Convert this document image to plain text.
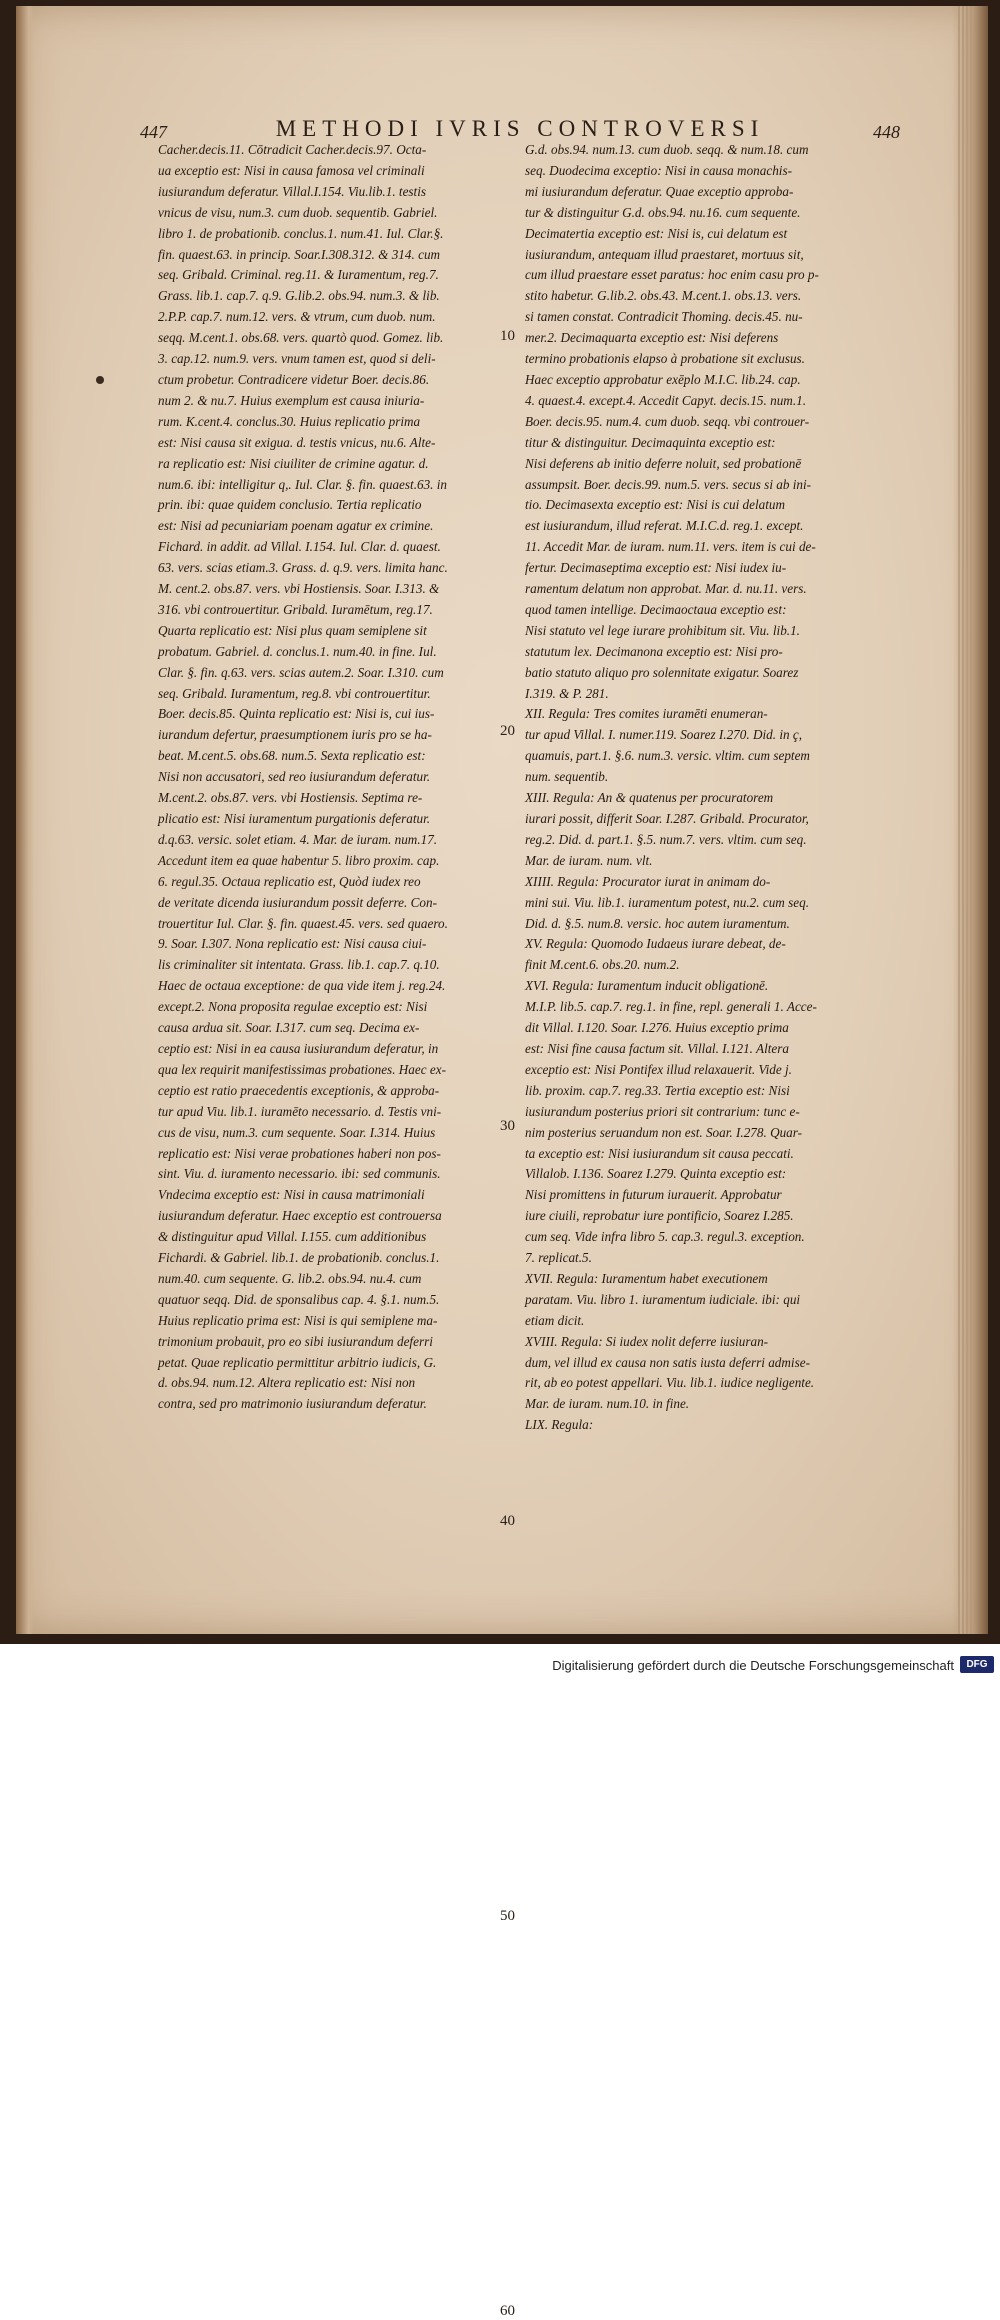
447	METHODI IVRIS CONTROVERSI	448
Cacher.decis.11. Cōtradicit Cacher.decis.97. Octa-
ua exceptio est: Nisi in causa famosa vel criminali
iusiurandum deferatur. Villal.I.154. Viu.lib.1. testis
vnicus de visu, num.3. cum duob. sequentib. Gabriel.
libro 1. de probationib. conclus.1. num.41. Iul. Clar.§.
fin. quaest.63. in princip. Soar.I.308.312. & 314. cum
seq. Gribald. Criminal. reg.11. & Iuramentum, reg.7.
Grass. lib.1. cap.7. q.9. G.lib.2. obs.94. num.3. & lib.
2.P.P. cap.7. num.12. vers. & vtrum, cum duob. num.
seqq. M.cent.1. obs.68. vers. quartò quod. Gomez. lib.
3. cap.12. num.9. vers. vnum tamen est, quod si deli-
ctum probetur. Contradicere videtur Boer. decis.86.
num 2. & nu.7. Huius exemplum est causa iniuria-
rum. K.cent.4. conclus.30. Huius replicatio prima
est: Nisi causa sit exigua. d. testis vnicus, nu.6. Alte-
ra replicatio est: Nisi ciuiliter de crimine agatur. d.
num.6. ibi: intelligitur q,. Iul. Clar. §. fin. quaest.63. in
prin. ibi: quae quidem conclusio. Tertia replicatio
est: Nisi ad pecuniariam poenam agatur ex crimine.
Fichard. in addit. ad Villal. I.154. Iul. Clar. d. quaest.
63. vers. scias etiam.3. Grass. d. q.9. vers. limita hanc.
M. cent.2. obs.87. vers. vbi Hostiensis. Soar. I.313. &
316. vbi controuertitur. Gribald. Iuramētum, reg.17.
Quarta replicatio est: Nisi plus quam semiplene sit
probatum. Gabriel. d. conclus.1. num.40. in fine. Iul.
Clar. §. fin. q.63. vers. scias autem.2. Soar. I.310. cum
seq. Gribald. Iuramentum, reg.8. vbi controuertitur.
Boer. decis.85. Quinta replicatio est: Nisi is, cui ius-
iurandum defertur, praesumptionem iuris pro se ha-
beat. M.cent.5. obs.68. num.5. Sexta replicatio est:
Nisi non accusatori, sed reo iusiurandum deferatur.
M.cent.2. obs.87. vers. vbi Hostiensis. Septima re-
plicatio est: Nisi iuramentum purgationis deferatur.
d.q.63. versic. solet etiam. 4. Mar. de iuram. num.17.
Accedunt item ea quae habentur 5. libro proxim. cap.
6. regul.35. Octaua replicatio est, Quòd iudex reo
de veritate dicenda iusiurandum possit deferre. Con-
trouertitur Iul. Clar. §. fin. quaest.45. vers. sed quaero.
9. Soar. I.307. Nona replicatio est: Nisi causa ciui-
lis criminaliter sit intentata. Grass. lib.1. cap.7. q.10.
Haec de octaua exceptione: de qua vide item j. reg.24.
except.2. Nona proposita regulae exceptio est: Nisi
causa ardua sit. Soar. I.317. cum seq. Decima ex-
ceptio est: Nisi in ea causa iusiurandum deferatur, in
qua lex requirit manifestissimas probationes. Haec ex-
ceptio est ratio praecedentis exceptionis, & approba-
tur apud Viu. lib.1. iuramēto necessario. d. Testis vni-
cus de visu, num.3. cum sequente. Soar. I.314. Huius
replicatio est: Nisi verae probationes haberi non pos-
sint. Viu. d. iuramento necessario. ibi: sed communis.
Vndecima exceptio est: Nisi in causa matrimoniali
iusiurandum deferatur. Haec exceptio est controuersa
& distinguitur apud Villal. I.155. cum additionibus
Fichardi. & Gabriel. lib.1. de probationib. conclus.1.
num.40. cum sequente. G. lib.2. obs.94. nu.4. cum
quatuor seqq. Did. de sponsalibus cap. 4. §.1. num.5.
Huius replicatio prima est: Nisi is qui semiplene ma-
trimonium probauit, pro eo sibi iusiurandum deferri
petat. Quae replicatio permittitur arbitrio iudicis, G.
d. obs.94. num.12. Altera replicatio est: Nisi non
contra, sed pro matrimonio iusiurandum deferatur.
G.d. obs.94. num.13. cum duob. seqq. & num.18. cum
seq. Duodecima exceptio: Nisi in causa monachis-
mi iusiurandum deferatur. Quae exceptio approba-
tur & distinguitur G.d. obs.94. nu.16. cum sequente.
Decimatertia exceptio est: Nisi is, cui delatum est
iusiurandum, antequam illud praestaret, mortuus sit,
cum illud praestare esset paratus: hoc enim casu pro p-
stito habetur. G.lib.2. obs.43. M.cent.1. obs.13. vers.
si tamen constat. Contradicit Thoming. decis.45. nu-
mer.2. Decimaquarta exceptio est: Nisi deferens
termino probationis elapso à probatione sit exclusus.
Haec exceptio approbatur exēplo M.I.C. lib.24. cap.
4. quaest.4. except.4. Accedit Capyt. decis.15. num.1.
Boer. decis.95. num.4. cum duob. seqq. vbi controuer-
titur & distinguitur. Decimaquinta exceptio est:
Nisi deferens ab initio deferre noluit, sed probationē
assumpsit. Boer. decis.99. num.5. vers. secus si ab ini-
tio. Decimasexta exceptio est: Nisi is cui delatum
est iusiurandum, illud referat. M.I.C.d. reg.1. except.
11. Accedit Mar. de iuram. num.11. vers. item is cui de-
fertur. Decimaseptima exceptio est: Nisi iudex iu-
ramentum delatum non approbat. Mar. d. nu.11. vers.
quod tamen intellige. Decimaoctaua exceptio est:
Nisi statuto vel lege iurare prohibitum sit. Viu. lib.1.
statutum lex. Decimanona exceptio est: Nisi pro-
batio statuto aliquo pro solennitate exigatur. Soarez
I.319. & P. 281.
XII. Regula: Tres comites iuramēti enumeran-
tur apud Villal. I. numer.119. Soarez I.270. Did. in ç,
quamuis, part.1. §.6. num.3. versic. vltim. cum septem
num. sequentib.
XIII. Regula: An & quatenus per procuratorem
iurari possit, differit Soar. I.287. Gribald. Procurator,
reg.2. Did. d. part.1. §.5. num.7. vers. vltim. cum seq.
Mar. de iuram. num. vlt.
XIIII. Regula: Procurator iurat in animam do-
mini sui. Viu. lib.1. iuramentum potest, nu.2. cum seq.
Did. d. §.5. num.8. versic. hoc autem iuramentum.
XV. Regula: Quomodo Iudaeus iurare debeat, de-
finit M.cent.6. obs.20. num.2.
XVI. Regula: Iuramentum inducit obligationē.
M.I.P. lib.5. cap.7. reg.1. in fine, repl. generali 1. Acce-
dit Villal. I.120. Soar. I.276. Huius exceptio prima
est: Nisi fine causa factum sit. Villal. I.121. Altera
exceptio est: Nisi Pontifex illud relaxauerit. Vide j.
lib. proxim. cap.7. reg.33. Tertia exceptio est: Nisi
iusiurandum posterius priori sit contrarium: tunc e-
nim posterius seruandum non est. Soar. I.278. Quar-
ta exceptio est: Nisi iusiurandum sit causa peccati.
Villalob. I.136. Soarez I.279. Quinta exceptio est:
Nisi promittens in futurum iurauerit. Approbatur
iure ciuili, reprobatur iure pontificio, Soarez I.285.
cum seq. Vide infra libro 5. cap.3. regul.3. exception.
7. replicat.5.
XVII. Regula: Iuramentum habet executionem
paratam. Viu. libro 1. iuramentum iudiciale. ibi: qui
etiam dicit.
XVIII. Regula: Si iudex nolit deferre iusiuran-
dum, vel illud ex causa non satis iusta deferri admise-
rit, ab eo potest appellari. Viu. lib.1. iudice negligente.
Mar. de iuram. num.10. in fine.
LIX. Regula:
10
20
30
40
50
60
Digitalisierung gefördert durch die Deutsche Forschungsgemeinschaft	DFG
